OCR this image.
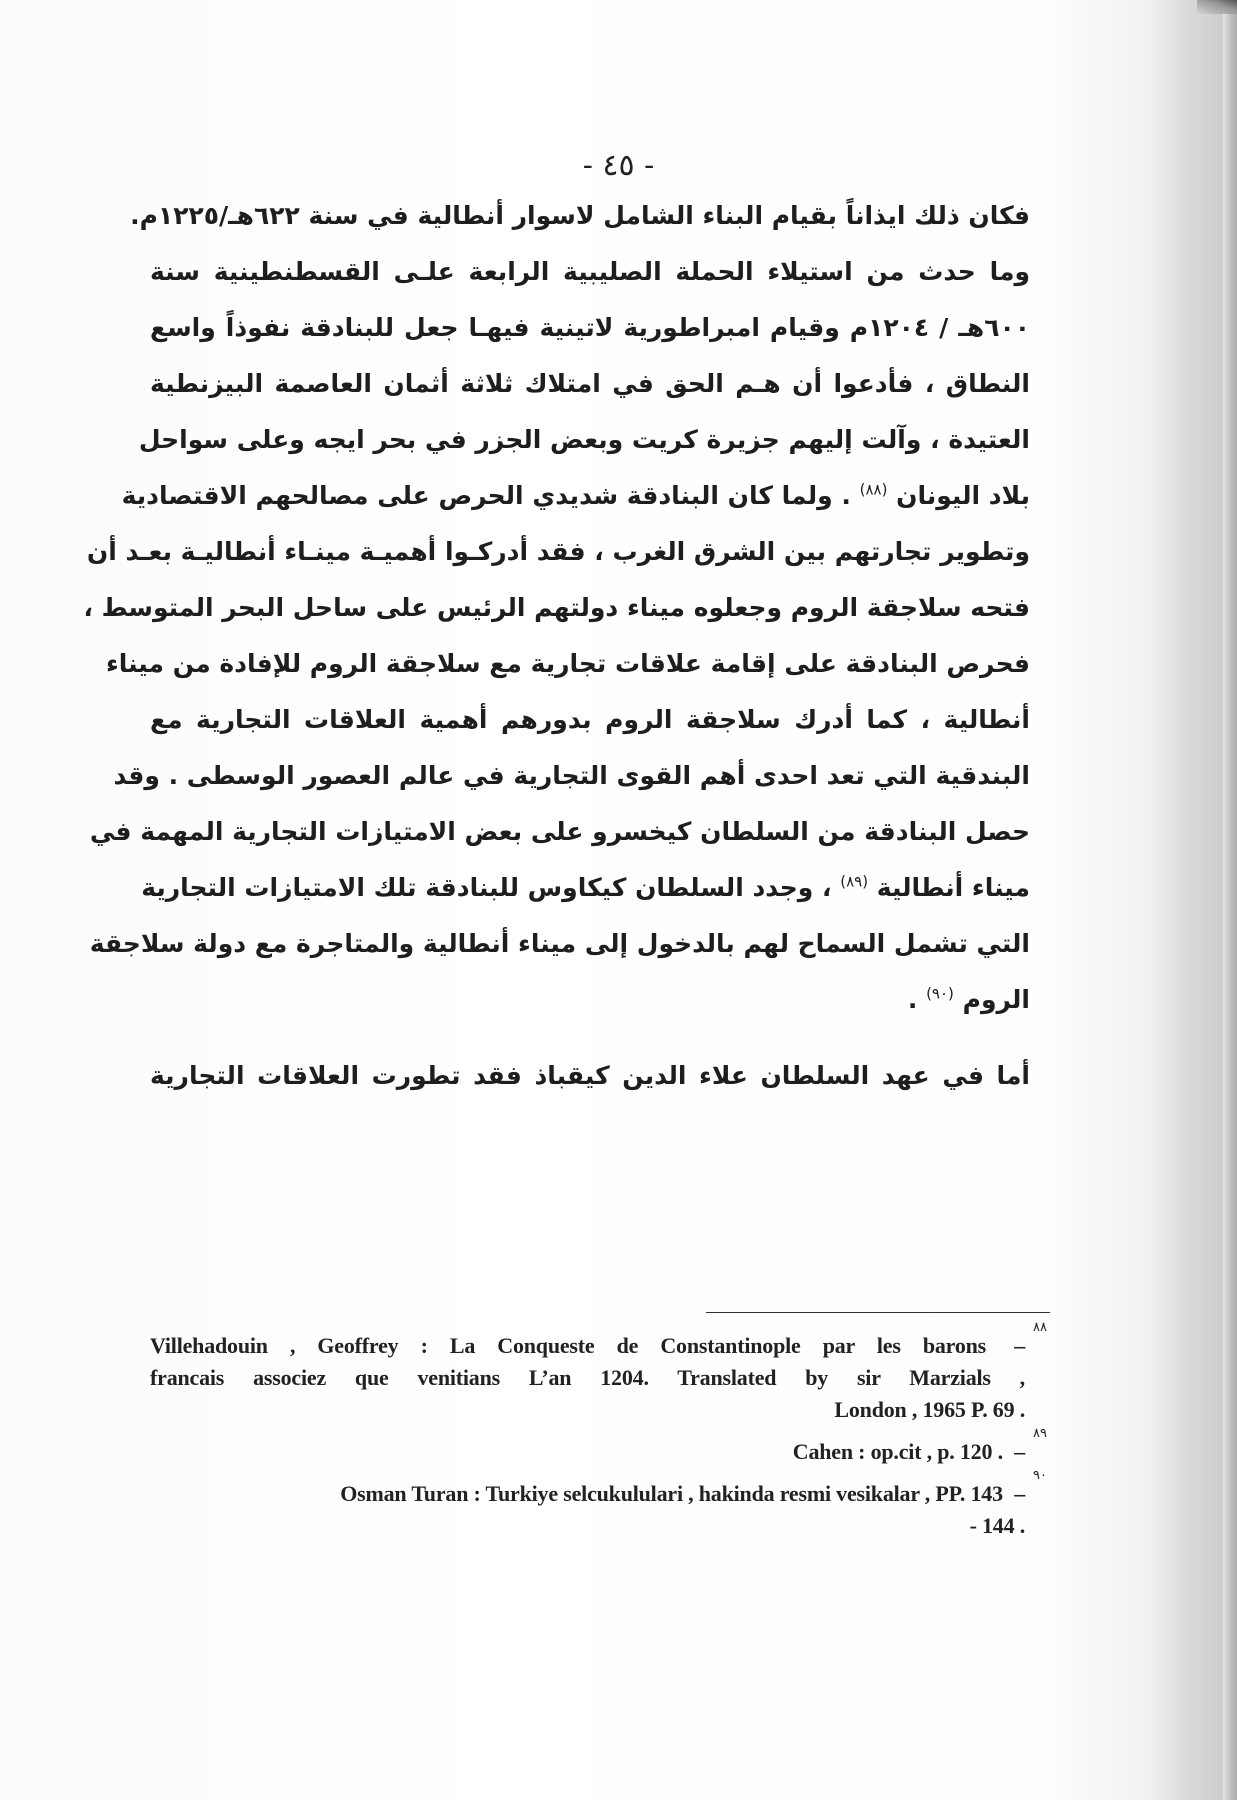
- ٤٥ -
فكان ذلك ايذاناً بقيام البناء الشامل لاسوار أنطالية في سنة ٦٢٢هـ/١٢٢٥م.
وما حدث من استيلاء الحملة الصليبية الرابعة علـى القسطنطينية سنة
٦٠٠هـ / ١٢٠٤م وقيام امبراطورية لاتينية فيهـا جعل للبنادقة نفوذاً واسع
النطاق ، فأدعوا أن هـم الحق في امتلاك ثلاثة أثمان العاصمة البيزنطية
العتيدة ، وآلت إليهم جزيرة كريت وبعض الجزر في بحر ايجه وعلى سواحل
بلاد اليونان $^{(٨٨)}$ . ولما كان البنادقة شديدي الحرص على مصالحهم الاقتصادية
وتطوير تجارتهم بين الشرق الغرب ، فقد أدركـوا أهميـة مينـاء أنطاليـة بعـد أن
فتحه سلاجقة الروم وجعلوه ميناء دولتهم الرئيس على ساحل البحر المتوسط ،
فحرص البنادقة على إقامة علاقات تجارية مع سلاجقة الروم للإفادة من ميناء
أنطالية ، كما أدرك سلاجقة الروم بدورهم أهمية العلاقات التجارية مع
البندقية التي تعد احدى أهم القوى التجارية في عالم العصور الوسطى . وقد
حصل البنادقة من السلطان كيخسرو على بعض الامتيازات التجارية المهمة في
ميناء أنطالية $^{(٨٩)}$ ، وجدد السلطان كيكاوس للبنادقة تلك الامتيازات التجارية
التي تشمل السماح لهم بالدخول إلى ميناء أنطالية والمتاجرة مع دولة سلاجقة
الروم $^{(٩٠)}$ .
أما في عهد السلطان علاء الدين كيقباذ فقد تطورت العلاقات التجارية
٨٨
Villehadouin , Geoffrey : La Conqueste de Constantinople par les barons –
francais associez que venitians L’an 1204. Translated by sir Marzials ,
London , 1965 P. 69 .
٨٩
Cahen : op.cit , p. 120 . –
٩٠
Osman Turan : Turkiye selcukululari , hakinda resmi vesikalar , PP. 143 –
- 144 .
